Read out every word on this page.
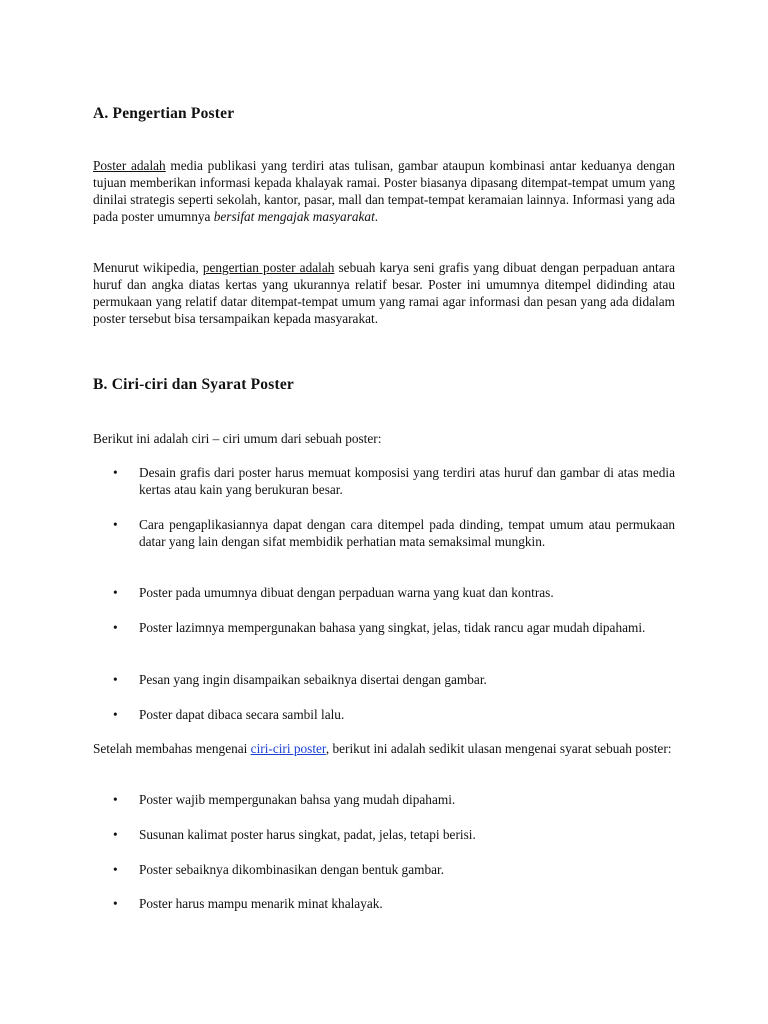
A. Pengertian Poster

Poster adalah media publikasi yang terdiri atas tulisan, gambar ataupun kombinasi antar keduanya dengan tujuan memberikan informasi kepada khalayak ramai. Poster biasanya dipasang ditempat-tempat umum yang dinilai strategis seperti sekolah, kantor, pasar, mall dan tempat-tempat keramaian lainnya. Informasi yang ada pada poster umumnya bersifat mengajak masyarakat.

Menurut wikipedia, pengertian poster adalah sebuah karya seni grafis yang dibuat dengan perpaduan antara huruf dan angka diatas kertas yang ukurannya relatif besar. Poster ini umumnya ditempel didinding atau permukaan yang relatif datar ditempat-tempat umum yang ramai agar informasi dan pesan yang ada didalam poster tersebut bisa tersampaikan kepada masyarakat.

B. Ciri-ciri dan Syarat Poster

Berikut ini adalah ciri – ciri umum dari sebuah poster:

• Desain grafis dari poster harus memuat komposisi yang terdiri atas huruf dan gambar di atas media kertas atau kain yang berukuran besar.
• Cara pengaplikasiannya dapat dengan cara ditempel pada dinding, tempat umum atau permukaan datar yang lain dengan sifat membidik perhatian mata semaksimal mungkin.
• Poster pada umumnya dibuat dengan perpaduan warna yang kuat dan kontras.
• Poster lazimnya mempergunakan bahasa yang singkat, jelas, tidak rancu agar mudah dipahami.
• Pesan yang ingin disampaikan sebaiknya disertai dengan gambar.
• Poster dapat dibaca secara sambil lalu.

Setelah membahas mengenai ciri-ciri poster, berikut ini adalah sedikit ulasan mengenai syarat sebuah poster:

• Poster wajib mempergunakan bahsa yang mudah dipahami.
• Susunan kalimat poster harus singkat, padat, jelas, tetapi berisi.
• Poster sebaiknya dikombinasikan dengan bentuk gambar.
• Poster harus mampu menarik minat khalayak.
